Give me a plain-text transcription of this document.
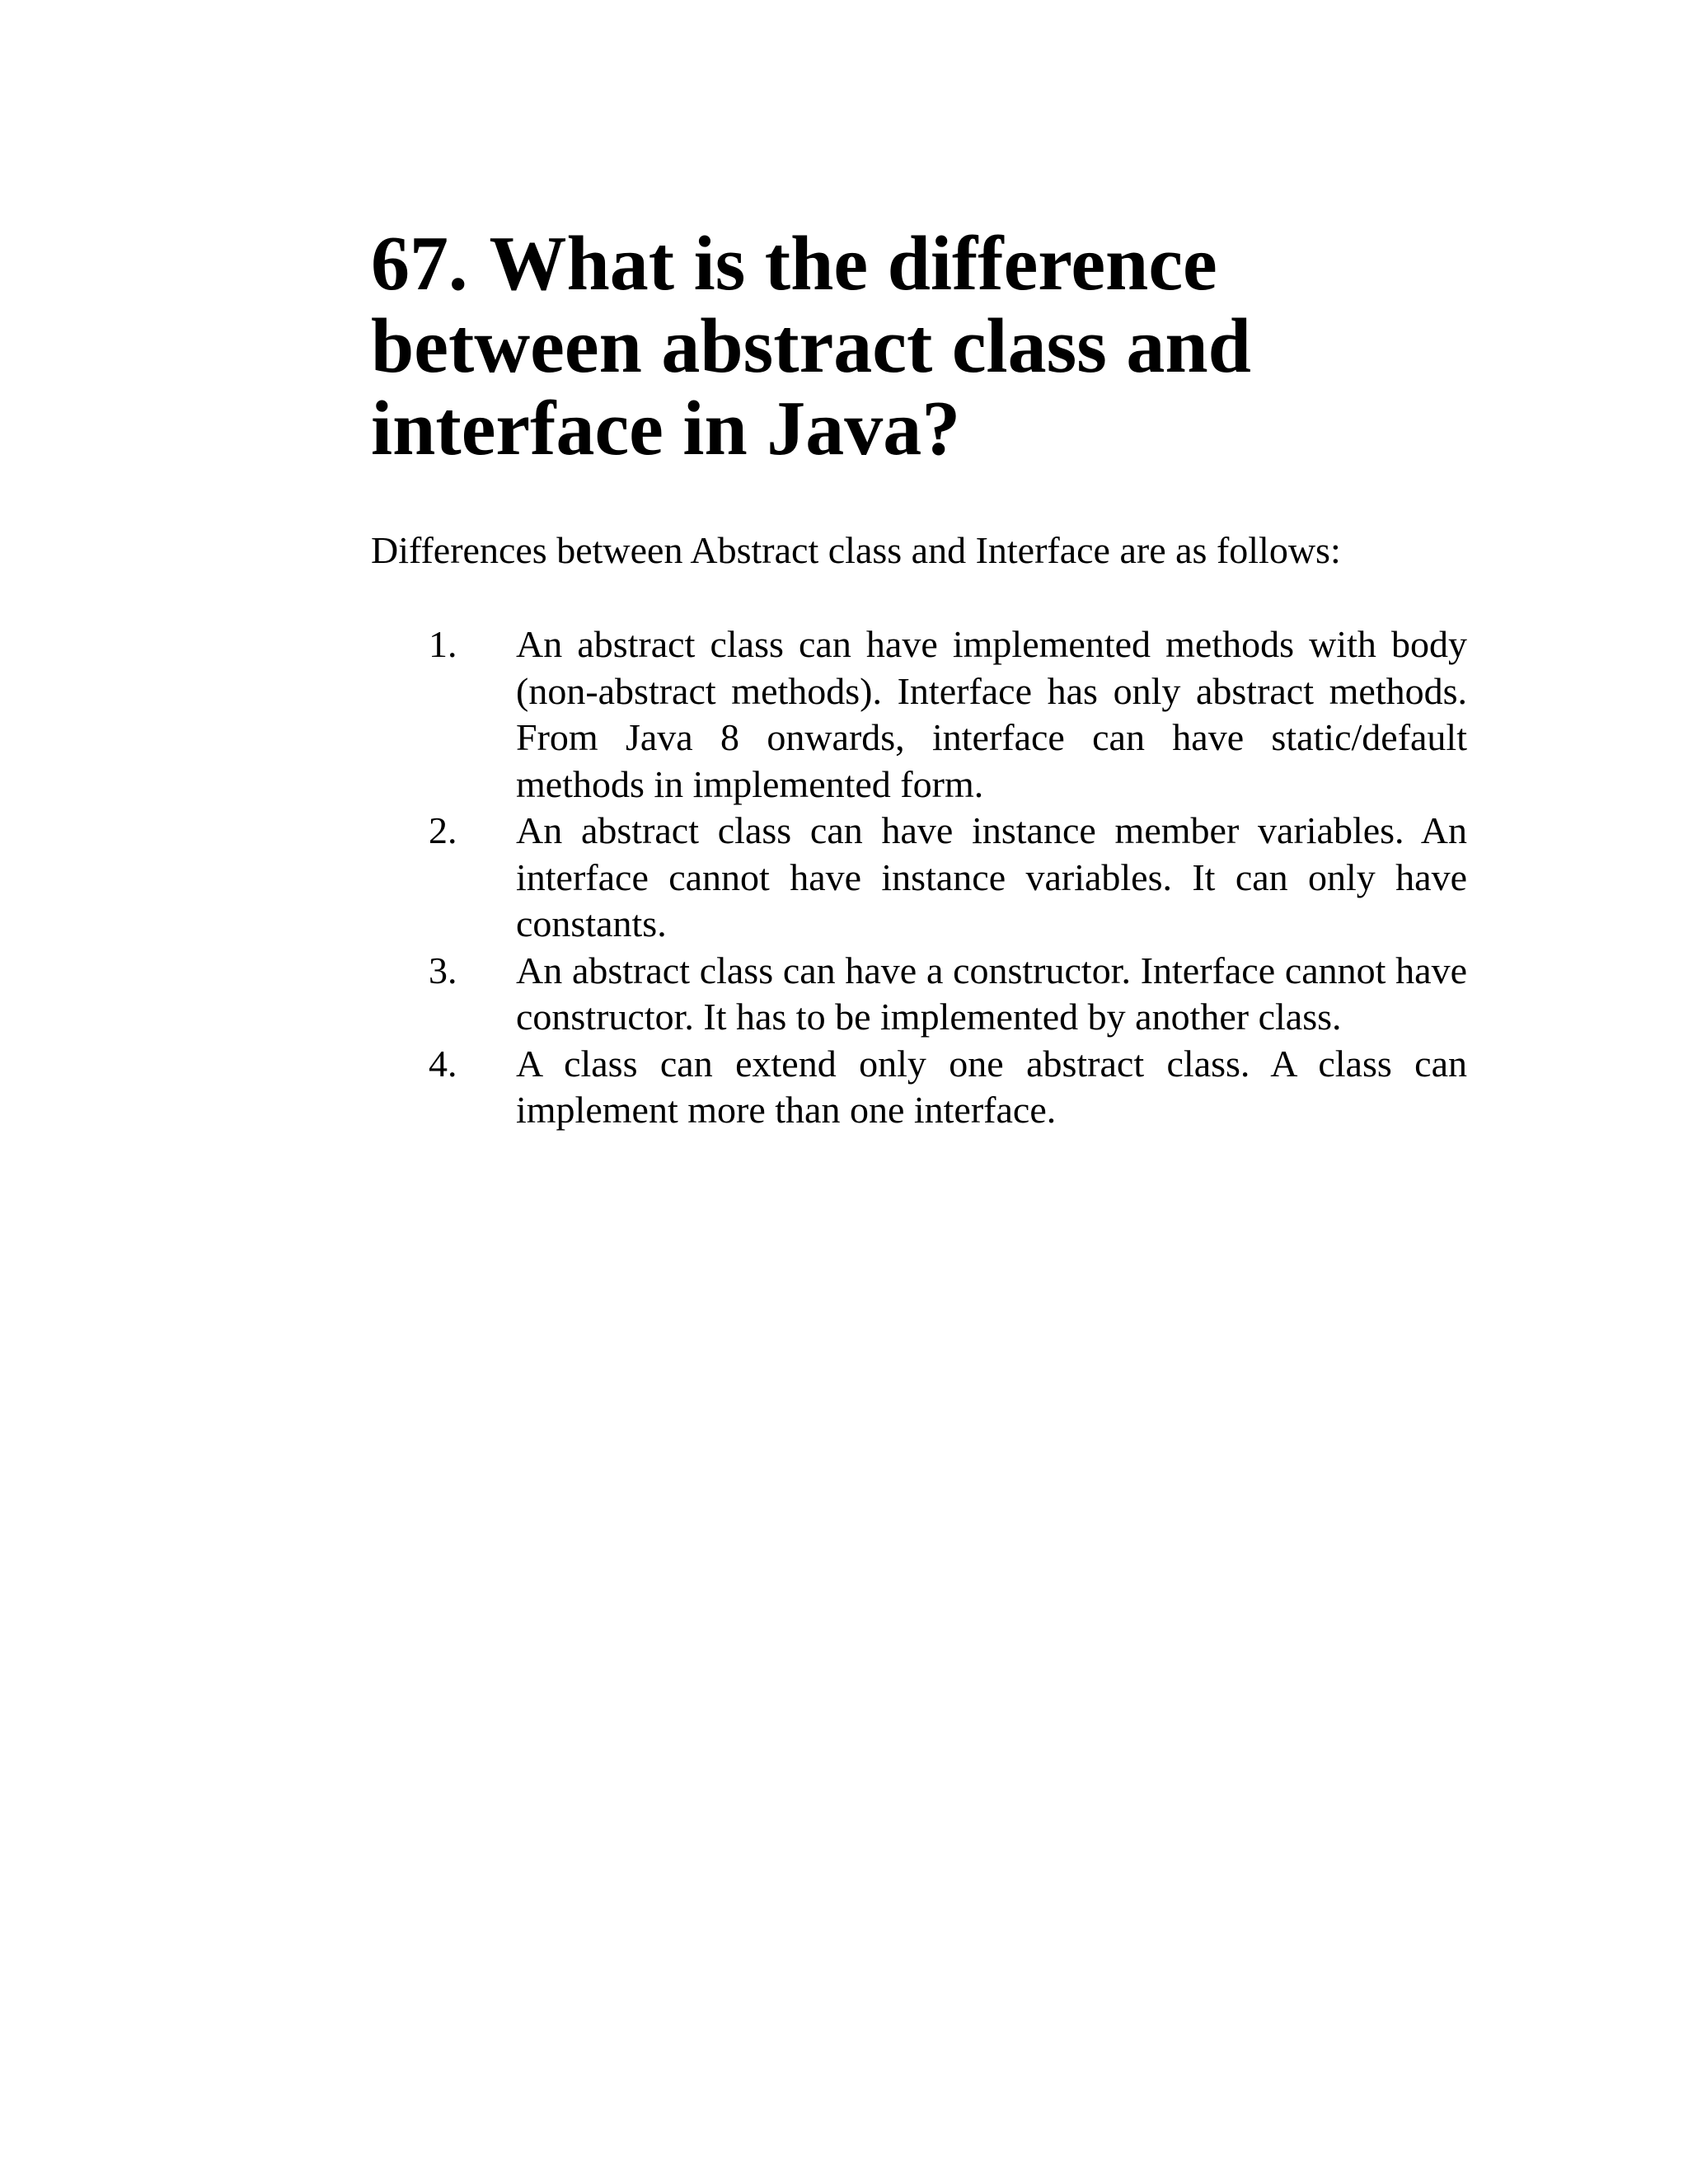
67. What is the difference between abstract class and interface in Java?

Differences between Abstract class and Interface are as follows:

1.	An abstract class can have implemented methods with body (non-abstract methods). Interface has only abstract methods. From Java 8 onwards, interface can have static/default methods in implemented form.
2.	An abstract class can have instance member variables. An interface cannot have instance variables. It can only have constants.
3.	An abstract class can have a constructor. Interface cannot have constructor. It has to be implemented by another class.
4.	A class can extend only one abstract class. A class can implement more than one interface.
